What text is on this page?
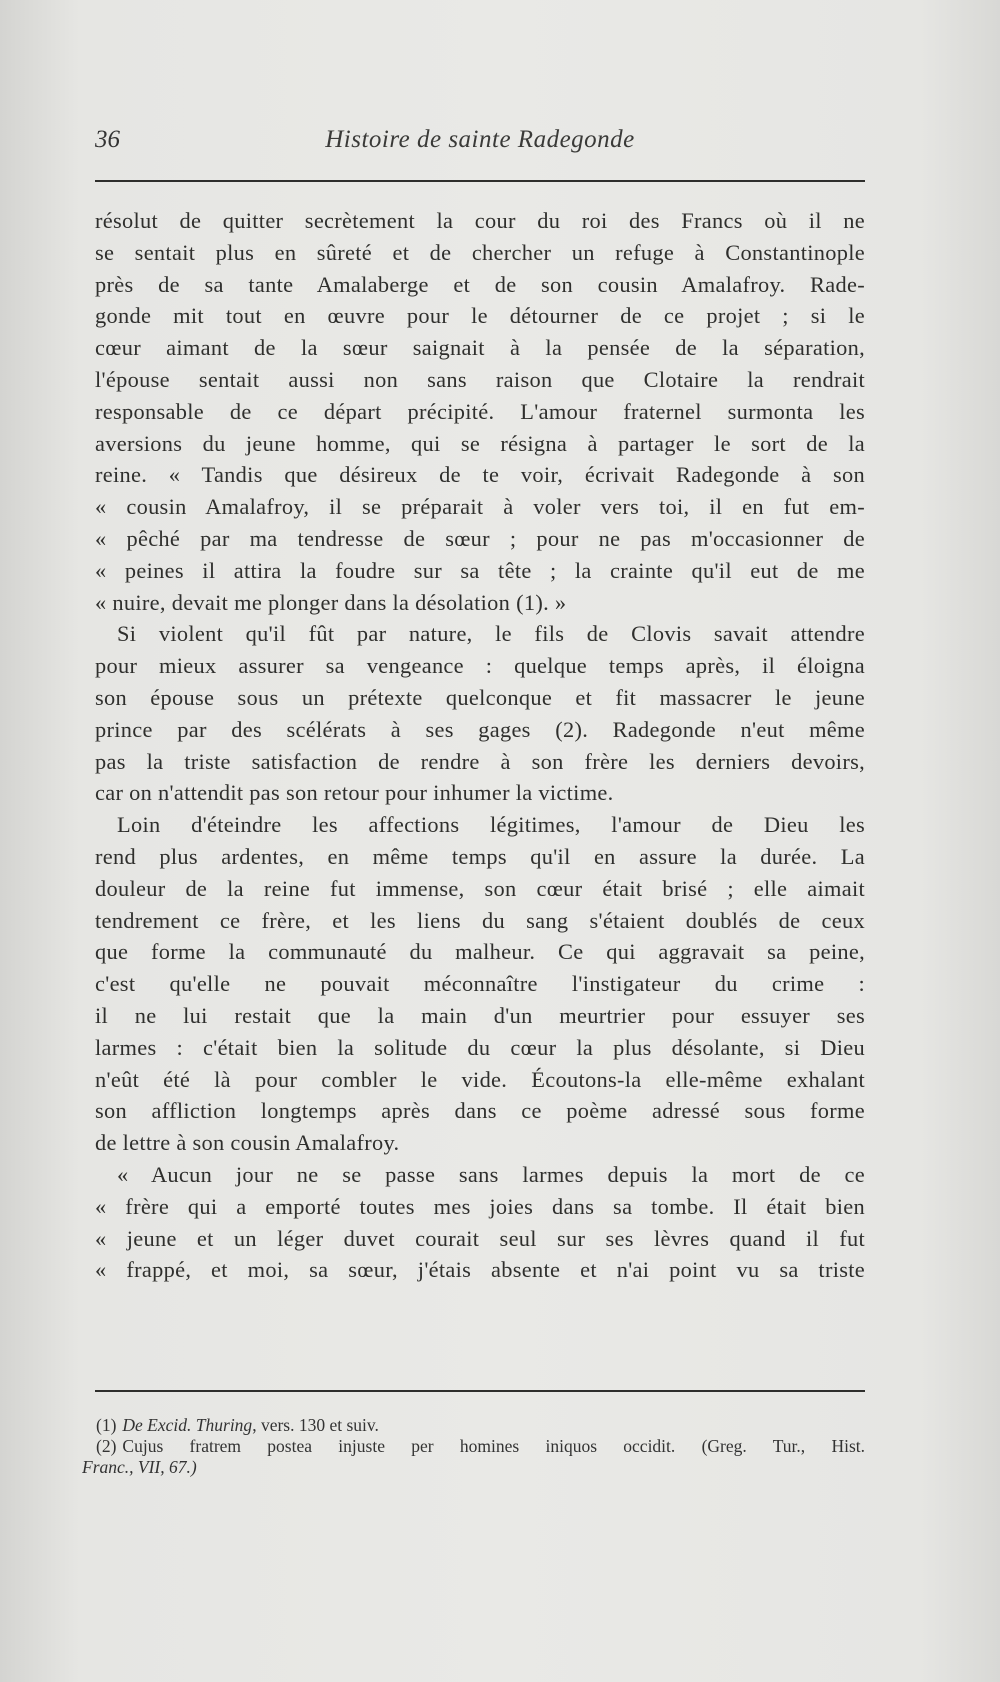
36	Histoire de sainte Radegonde
résolut de quitter secrètement la cour du roi des Francs où il ne
se sentait plus en sûreté et de chercher un refuge à Constantinople
près de sa tante Amalaberge et de son cousin Amalafroy. Rade-
gonde mit tout en œuvre pour le détourner de ce projet ; si le
cœur aimant de la sœur saignait à la pensée de la séparation,
l'épouse sentait aussi non sans raison que Clotaire la rendrait
responsable de ce départ précipité. L'amour fraternel surmonta les
aversions du jeune homme, qui se résigna à partager le sort de la
reine. « Tandis que désireux de te voir, écrivait Radegonde à son
« cousin Amalafroy, il se préparait à voler vers toi, il en fut em-
« pêché par ma tendresse de sœur ; pour ne pas m'occasionner de
« peines il attira la foudre sur sa tête ; la crainte qu'il eut de me
« nuire, devait me plonger dans la désolation (1). »
Si violent qu'il fût par nature, le fils de Clovis savait attendre
pour mieux assurer sa vengeance : quelque temps après, il éloigna
son épouse sous un prétexte quelconque et fit massacrer le jeune
prince par des scélérats à ses gages (2). Radegonde n'eut même
pas la triste satisfaction de rendre à son frère les derniers devoirs,
car on n'attendit pas son retour pour inhumer la victime.
Loin d'éteindre les affections légitimes, l'amour de Dieu les
rend plus ardentes, en même temps qu'il en assure la durée. La
douleur de la reine fut immense, son cœur était brisé ; elle aimait
tendrement ce frère, et les liens du sang s'étaient doublés de ceux
que forme la communauté du malheur. Ce qui aggravait sa peine,
c'est qu'elle ne pouvait méconnaître l'instigateur du crime :
il ne lui restait que la main d'un meurtrier pour essuyer ses
larmes : c'était bien la solitude du cœur la plus désolante, si Dieu
n'eût été là pour combler le vide. Écoutons-la elle-même exhalant
son affliction longtemps après dans ce poème adressé sous forme
de lettre à son cousin Amalafroy.
« Aucun jour ne se passe sans larmes depuis la mort de ce
« frère qui a emporté toutes mes joies dans sa tombe. Il était bien
« jeune et un léger duvet courait seul sur ses lèvres quand il fut
« frappé, et moi, sa sœur, j'étais absente et n'ai point vu sa triste
(1) De Excid. Thuring, vers. 130 et suiv.
(2) Cujus fratrem postea injuste per homines iniquos occidit. (Greg. Tur., Hist.
Franc., VII, 67.)
